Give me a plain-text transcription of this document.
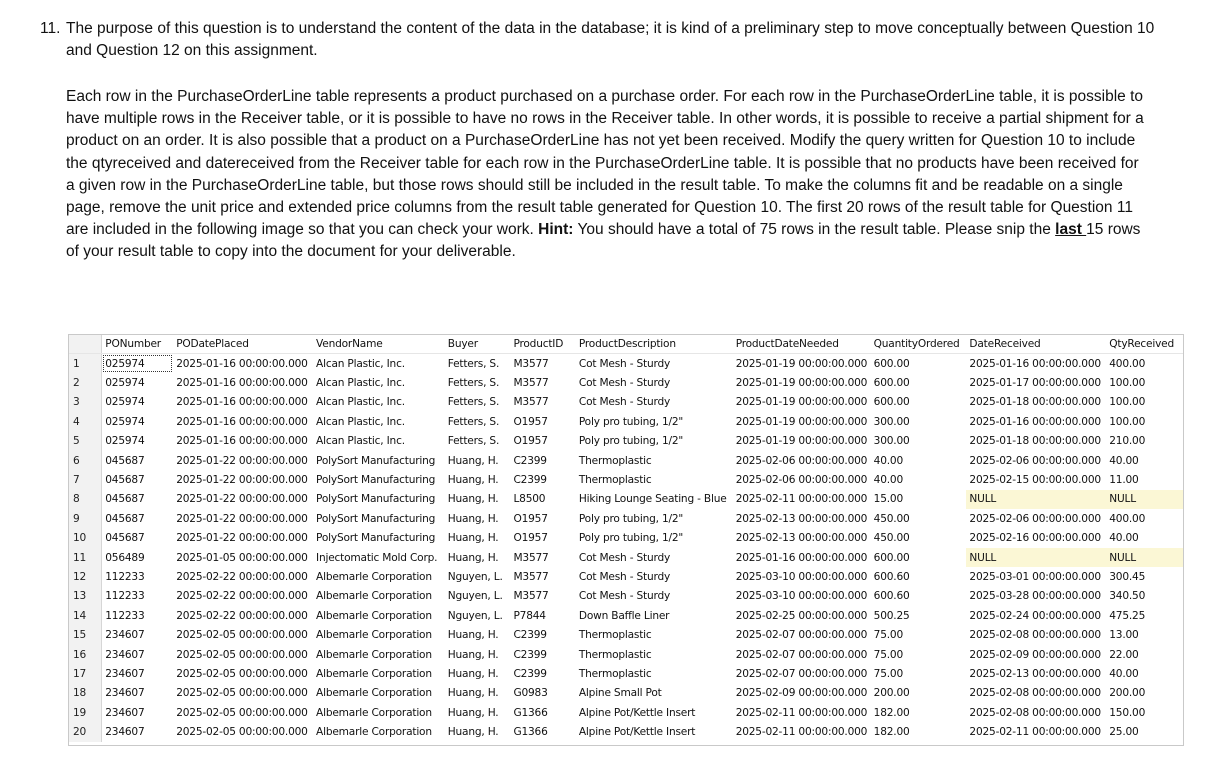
11. The purpose of this question is to understand the content of the data in the database; it is kind of a preliminary step to move conceptually between Question 10 and Question 12 on this assignment.
Each row in the PurchaseOrderLine table represents a product purchased on a purchase order. For each row in the PurchaseOrderLine table, it is possible to have multiple rows in the Receiver table, or it is possible to have no rows in the Receiver table. In other words, it is possible to receive a partial shipment for a product on an order. It is also possible that a product on a PurchaseOrderLine has not yet been received. Modify the query written for Question 10 to include the qtyreceived and datereceived from the Receiver table for each row in the PurchaseOrderLine table. It is possible that no products have been received for a given row in the PurchaseOrderLine table, but those rows should still be included in the result table. To make the columns fit and be readable on a single page, remove the unit price and extended price columns from the result table generated for Question 10. The first 20 rows of the result table for Question 11 are included in the following image so that you can check your work. Hint: You should have a total of 75 rows in the result table. Please snip the last 15 rows of your result table to copy into the document for your deliverable.
	PONumber	PODatePlaced	VendorName	Buyer	ProductID	ProductDescription	ProductDateNeeded	QuantityOrdered	DateReceived	QtyReceived
1	025974	2025-01-16 00:00:00.000	Alcan Plastic, Inc.	Fetters, S.	M3577	Cot Mesh - Sturdy	2025-01-19 00:00:00.000	600.00	2025-01-16 00:00:00.000	400.00
2	025974	2025-01-16 00:00:00.000	Alcan Plastic, Inc.	Fetters, S.	M3577	Cot Mesh - Sturdy	2025-01-19 00:00:00.000	600.00	2025-01-17 00:00:00.000	100.00
3	025974	2025-01-16 00:00:00.000	Alcan Plastic, Inc.	Fetters, S.	M3577	Cot Mesh - Sturdy	2025-01-19 00:00:00.000	600.00	2025-01-18 00:00:00.000	100.00
4	025974	2025-01-16 00:00:00.000	Alcan Plastic, Inc.	Fetters, S.	O1957	Poly pro tubing, 1/2"	2025-01-19 00:00:00.000	300.00	2025-01-16 00:00:00.000	100.00
5	025974	2025-01-16 00:00:00.000	Alcan Plastic, Inc.	Fetters, S.	O1957	Poly pro tubing, 1/2"	2025-01-19 00:00:00.000	300.00	2025-01-18 00:00:00.000	210.00
6	045687	2025-01-22 00:00:00.000	PolySort Manufacturing	Huang, H.	C2399	Thermoplastic	2025-02-06 00:00:00.000	40.00	2025-02-06 00:00:00.000	40.00
7	045687	2025-01-22 00:00:00.000	PolySort Manufacturing	Huang, H.	C2399	Thermoplastic	2025-02-06 00:00:00.000	40.00	2025-02-15 00:00:00.000	11.00
8	045687	2025-01-22 00:00:00.000	PolySort Manufacturing	Huang, H.	L8500	Hiking Lounge Seating - Blue	2025-02-11 00:00:00.000	15.00	NULL	NULL
9	045687	2025-01-22 00:00:00.000	PolySort Manufacturing	Huang, H.	O1957	Poly pro tubing, 1/2"	2025-02-13 00:00:00.000	450.00	2025-02-06 00:00:00.000	400.00
10	045687	2025-01-22 00:00:00.000	PolySort Manufacturing	Huang, H.	O1957	Poly pro tubing, 1/2"	2025-02-13 00:00:00.000	450.00	2025-02-16 00:00:00.000	40.00
11	056489	2025-01-05 00:00:00.000	Injectomatic Mold Corp.	Huang, H.	M3577	Cot Mesh - Sturdy	2025-01-16 00:00:00.000	600.00	NULL	NULL
12	112233	2025-02-22 00:00:00.000	Albemarle Corporation	Nguyen, L.	M3577	Cot Mesh - Sturdy	2025-03-10 00:00:00.000	600.60	2025-03-01 00:00:00.000	300.45
13	112233	2025-02-22 00:00:00.000	Albemarle Corporation	Nguyen, L.	M3577	Cot Mesh - Sturdy	2025-03-10 00:00:00.000	600.60	2025-03-28 00:00:00.000	340.50
14	112233	2025-02-22 00:00:00.000	Albemarle Corporation	Nguyen, L.	P7844	Down Baffle Liner	2025-02-25 00:00:00.000	500.25	2025-02-24 00:00:00.000	475.25
15	234607	2025-02-05 00:00:00.000	Albemarle Corporation	Huang, H.	C2399	Thermoplastic	2025-02-07 00:00:00.000	75.00	2025-02-08 00:00:00.000	13.00
16	234607	2025-02-05 00:00:00.000	Albemarle Corporation	Huang, H.	C2399	Thermoplastic	2025-02-07 00:00:00.000	75.00	2025-02-09 00:00:00.000	22.00
17	234607	2025-02-05 00:00:00.000	Albemarle Corporation	Huang, H.	C2399	Thermoplastic	2025-02-07 00:00:00.000	75.00	2025-02-13 00:00:00.000	40.00
18	234607	2025-02-05 00:00:00.000	Albemarle Corporation	Huang, H.	G0983	Alpine Small Pot	2025-02-09 00:00:00.000	200.00	2025-02-08 00:00:00.000	200.00
19	234607	2025-02-05 00:00:00.000	Albemarle Corporation	Huang, H.	G1366	Alpine Pot/Kettle Insert	2025-02-11 00:00:00.000	182.00	2025-02-08 00:00:00.000	150.00
20	234607	2025-02-05 00:00:00.000	Albemarle Corporation	Huang, H.	G1366	Alpine Pot/Kettle Insert	2025-02-11 00:00:00.000	182.00	2025-02-11 00:00:00.000	25.00
